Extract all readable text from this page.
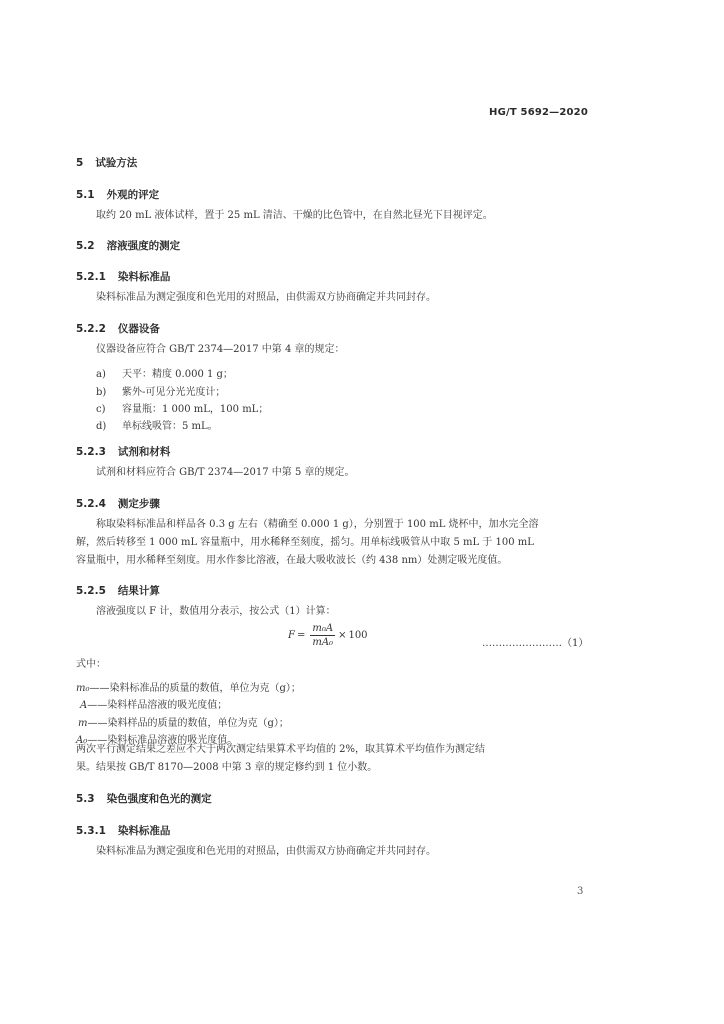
HG/T 5692—2020
5 试验方法
5.1 外观的评定
取约 20 mL 液体试样，置于 25 mL 清洁、干燥的比色管中，在自然北昼光下目视评定。
5.2 溶液强度的测定
5.2.1 染料标准品
染料标准品为测定强度和色光用的对照品，由供需双方协商确定并共同封存。
5.2.2 仪器设备
仪器设备应符合 GB/T 2374—2017 中第 4 章的规定：
a) 天平：精度 0.000 1 g；
b) 紫外-可见分光光度计；
c) 容量瓶：1 000 mL，100 mL；
d) 单标线吸管：5 mL。
5.2.3 试剂和材料
试剂和材料应符合 GB/T 2374—2017 中第 5 章的规定。
5.2.4 测定步骤
称取染料标准品和样品各 0.3 g 左右（精确至 0.000 1 g），分别置于 100 mL 烧杯中，加水完全溶
解，然后转移至 1 000 mL 容量瓶中，用水稀释至刻度，摇匀。用单标线吸管从中取 5 mL 于 100 mL
容量瓶中，用水稀释至刻度。用水作参比溶液，在最大吸收波长（约 438 nm）处测定吸光度值。
5.2.5 结果计算
溶液强度以 F 计，数值用分表示，按公式（1）计算：
$F = \frac{\text{m₀A}}{\text{mA₀}} \times 100$
……………………（1）
式中：
m₀——染料标准品的质量的数值，单位为克（g）；
A——染料样品溶液的吸光度值；
m——染料样品的质量的数值，单位为克（g）；
A₀——染料标准品溶液的吸光度值。
两次平行测定结果之差应不大于两次测定结果算术平均值的 2%，取其算术平均值作为测定结
果。结果按 GB/T 8170—2008 中第 3 章的规定修约到 1 位小数。
5.3 染色强度和色光的测定
5.3.1 染料标准品
染料标准品为测定强度和色光用的对照品，由供需双方协商确定并共同封存。
3
